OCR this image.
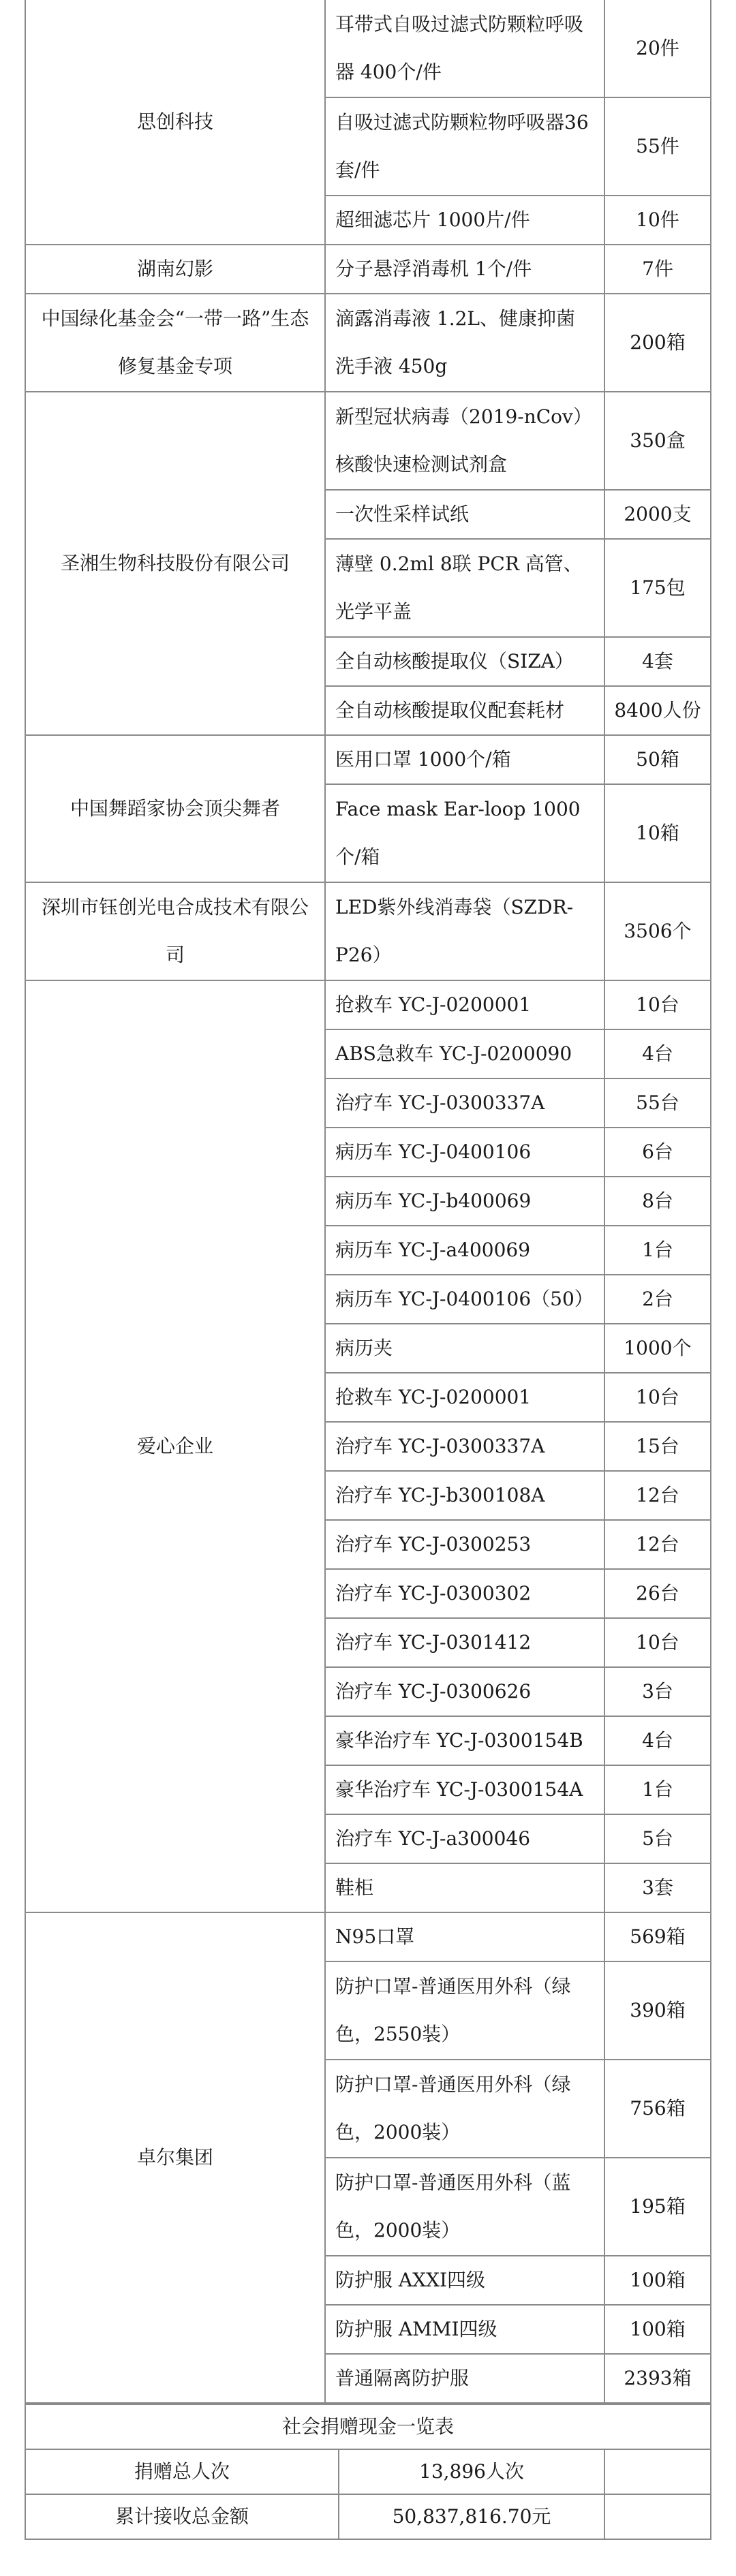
思创科技	耳带式自吸过滤式防颗粒呼吸器 400个/件	20件
	自吸过滤式防颗粒物呼吸器36套/件	55件
	超细滤芯片 1000片/件	10件
湖南幻影	分子悬浮消毒机 1个/件	7件
中国绿化基金会“一带一路”生态修复基金专项	滴露消毒液 1.2L、健康抑菌洗手液 450g	200箱
圣湘生物科技股份有限公司	新型冠状病毒（2019-nCov）核酸快速检测试剂盒	350盒
	一次性采样试纸	2000支
	薄壁 0.2ml 8联 PCR 高管、光学平盖	175包
	全自动核酸提取仪（SIZA）	4套
	全自动核酸提取仪配套耗材	8400人份
中国舞蹈家协会顶尖舞者	医用口罩 1000个/箱	50箱
	Face mask Ear-loop 1000个/箱	10箱
深圳市钰创光电合成技术有限公司	LED紫外线消毒袋（SZDR-P26）	3506个
爱心企业	抢救车 YC-J-0200001	10台
	ABS急救车 YC-J-0200090	4台
	治疗车 YC-J-0300337A	55台
	病历车 YC-J-0400106	6台
	病历车 YC-J-b400069	8台
	病历车 YC-J-a400069	1台
	病历车 YC-J-0400106（50）	2台
	病历夹	1000个
	抢救车 YC-J-0200001	10台
	治疗车 YC-J-0300337A	15台
	治疗车 YC-J-b300108A	12台
	治疗车 YC-J-0300253	12台
	治疗车 YC-J-0300302	26台
	治疗车 YC-J-0301412	10台
	治疗车 YC-J-0300626	3台
	豪华治疗车 YC-J-0300154B	4台
	豪华治疗车 YC-J-0300154A	1台
	治疗车 YC-J-a300046	5台
	鞋柜	3套
卓尔集团	N95口罩	569箱
	防护口罩-普通医用外科（绿色，2550装）	390箱
	防护口罩-普通医用外科（绿色，2000装）	756箱
	防护口罩-普通医用外科（蓝色，2000装）	195箱
	防护服 AXXI四级	100箱
	防护服 AMMI四级	100箱
	普通隔离防护服	2393箱
社会捐赠现金一览表		
捐赠总人次	13,896人次	
累计接收总金额	50,837,816.70元	
